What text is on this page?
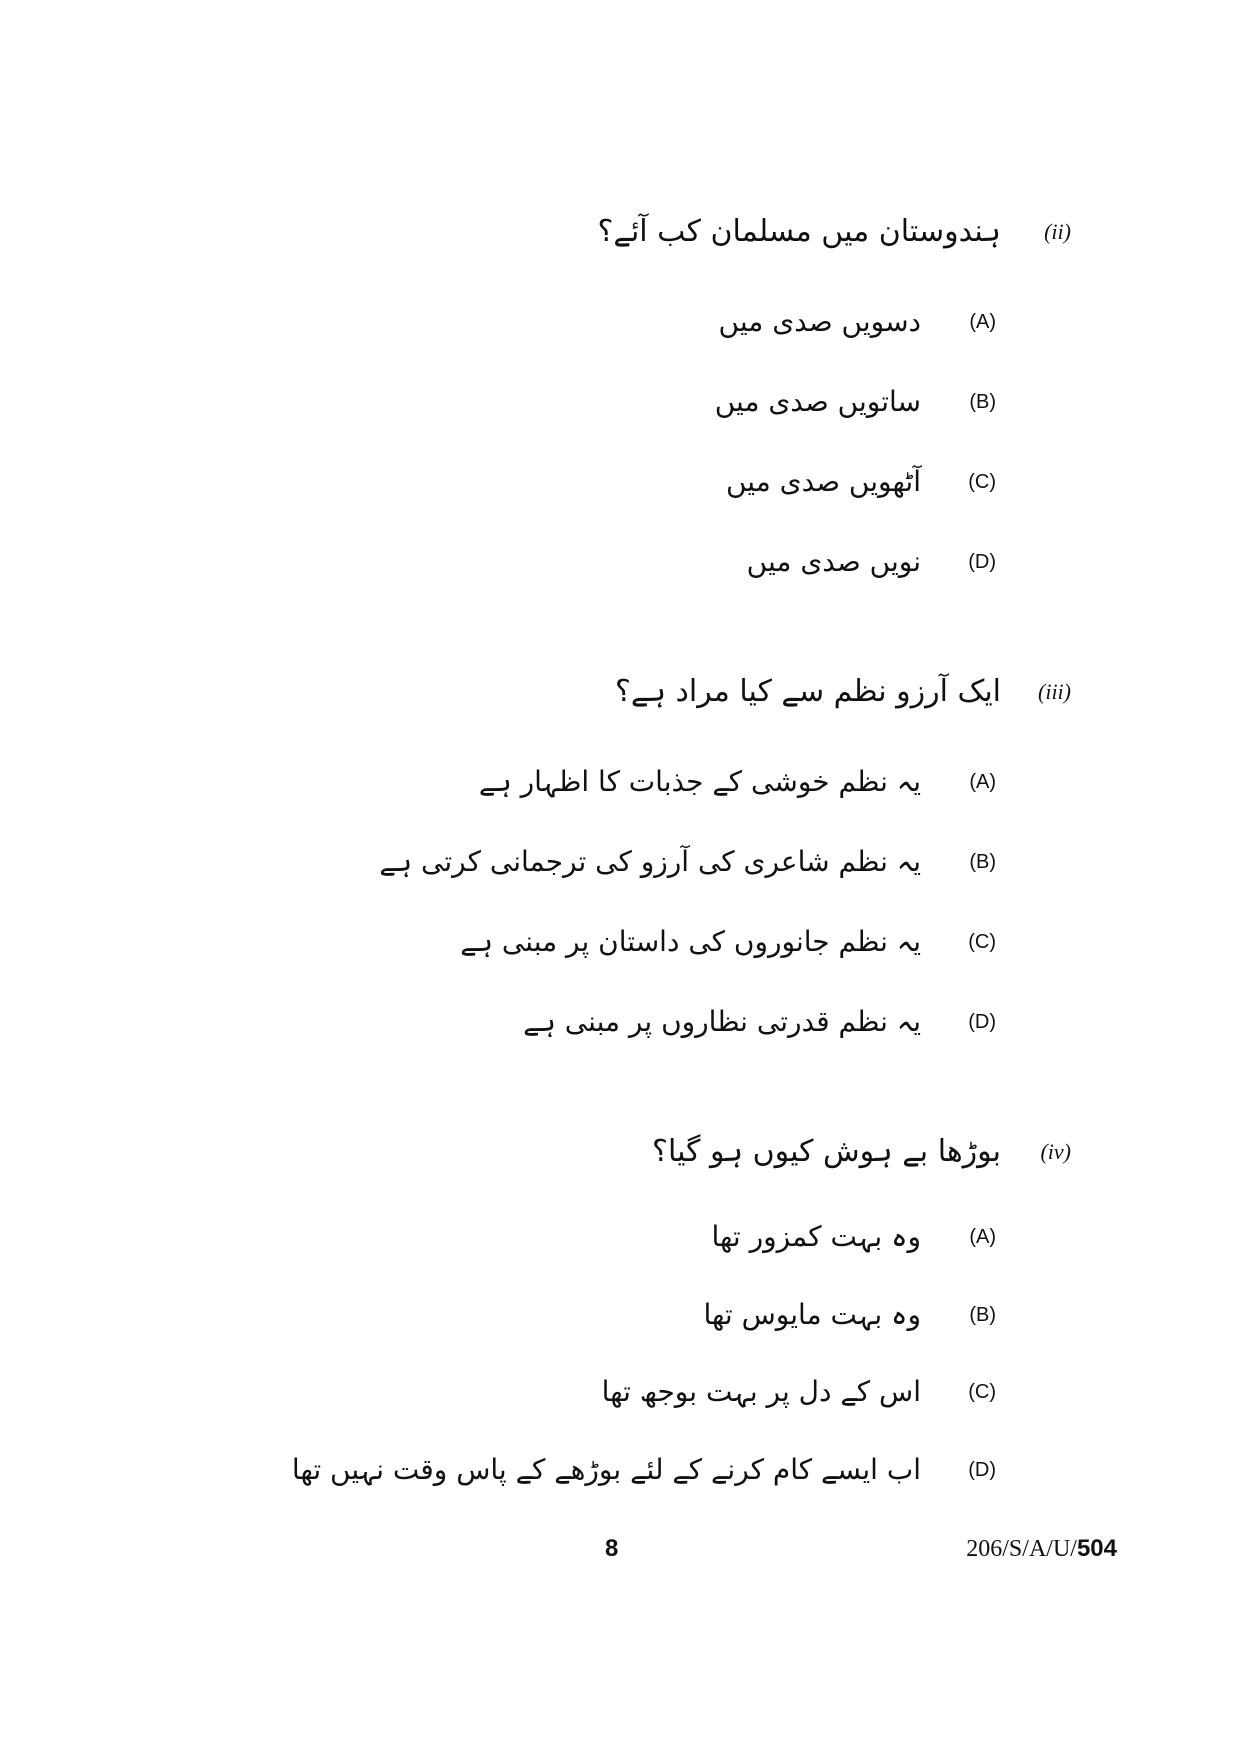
(ii)
ہندوستان میں مسلمان کب آئے؟
(A)
دسویں صدی میں
(B)
ساتویں صدی میں
(C)
آٹھویں صدی میں
(D)
نویں صدی میں
(iii)
ایک آرزو نظم سے کیا مراد ہے؟
(A)
یہ نظم خوشی کے جذبات کا اظہار ہے
(B)
یہ نظم شاعری کی آرزو کی ترجمانی کرتی ہے
(C)
یہ نظم جانوروں کی داستان پر مبنی ہے
(D)
یہ نظم قدرتی نظاروں پر مبنی ہے
(iv)
بوڑھا بے ہوش کیوں ہو گیا؟
(A)
وہ بہت کمزور تھا
(B)
وہ بہت مایوس تھا
(C)
اس کے دل پر بہت بوجھ تھا
(D)
اب ایسے کام کرنے کے لئے بوڑھے کے پاس وقت نہیں تھا
8	206/S/A/U/504
